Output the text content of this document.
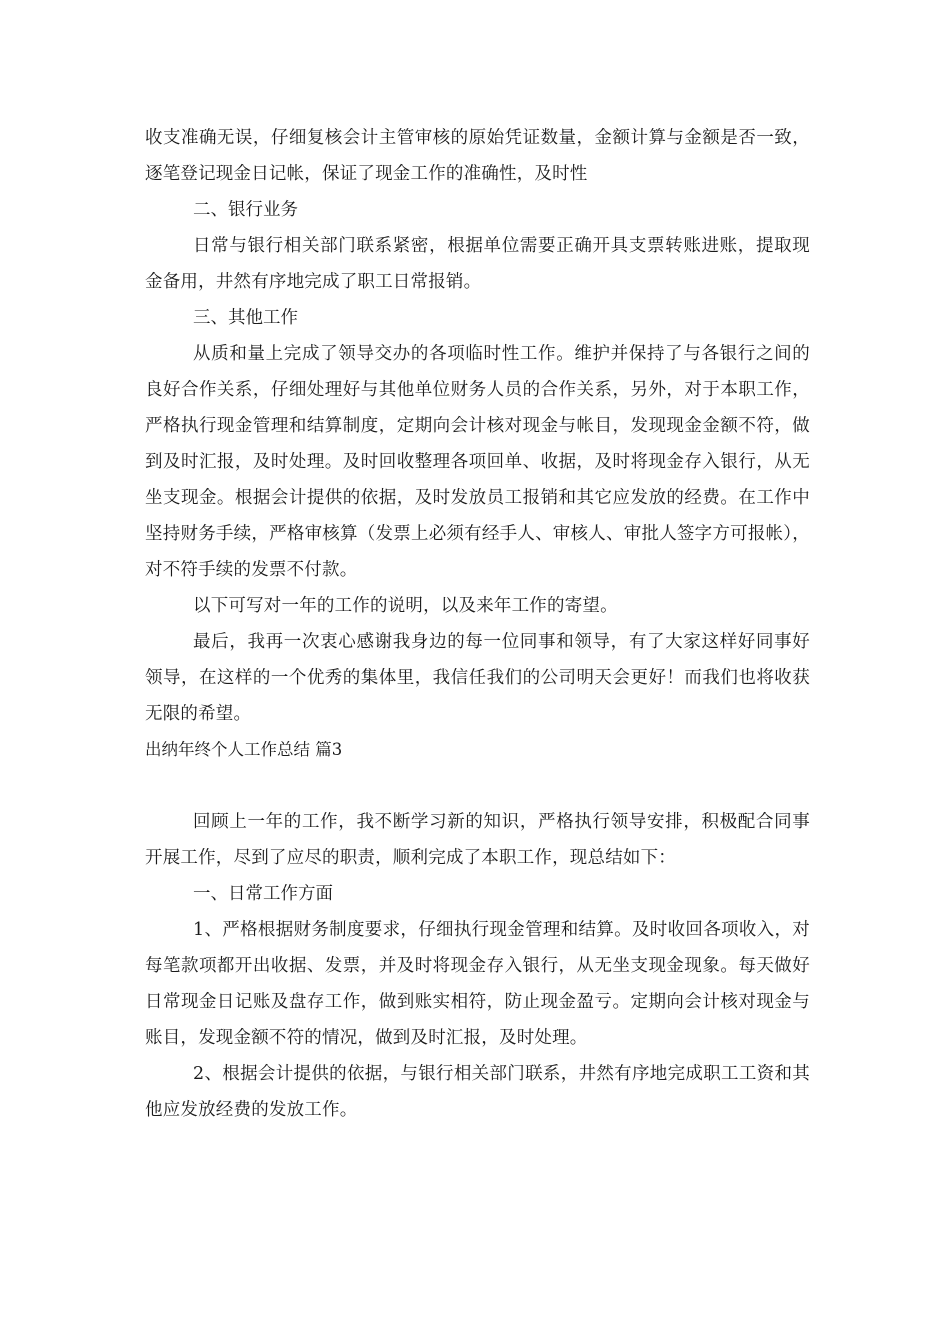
收支准确无误，仔细复核会计主管审核的原始凭证数量，金额计算与金额是否一致，逐笔登记现金日记帐，保证了现金工作的准确性，及时性

二、银行业务

日常与银行相关部门联系紧密，根据单位需要正确开具支票转账进账，提取现金备用，井然有序地完成了职工日常报销。

三、其他工作

从质和量上完成了领导交办的各项临时性工作。维护并保持了与各银行之间的良好合作关系，仔细处理好与其他单位财务人员的合作关系，另外，对于本职工作，严格执行现金管理和结算制度，定期向会计核对现金与帐目，发现现金金额不符，做到及时汇报，及时处理。及时回收整理各项回单、收据，及时将现金存入银行，从无坐支现金。根据会计提供的依据，及时发放员工报销和其它应发放的经费。在工作中坚持财务手续，严格审核算（发票上必须有经手人、审核人、审批人签字方可报帐），对不符手续的发票不付款。

以下可写对一年的工作的说明，以及来年工作的寄望。

最后，我再一次衷心感谢我身边的每一位同事和领导，有了大家这样好同事好领导，在这样的一个优秀的集体里，我信任我们的公司明天会更好！而我们也将收获无限的希望。

出纳年终个人工作总结 篇3

回顾上一年的工作，我不断学习新的知识，严格执行领导安排，积极配合同事开展工作，尽到了应尽的职责，顺利完成了本职工作，现总结如下：

一、日常工作方面

1、严格根据财务制度要求，仔细执行现金管理和结算。及时收回各项收入，对每笔款项都开出收据、发票，并及时将现金存入银行，从无坐支现金现象。每天做好日常现金日记账及盘存工作，做到账实相符，防止现金盈亏。定期向会计核对现金与账目，发现金额不符的情况，做到及时汇报，及时处理。

2、根据会计提供的依据，与银行相关部门联系，井然有序地完成职工工资和其他应发放经费的发放工作。
